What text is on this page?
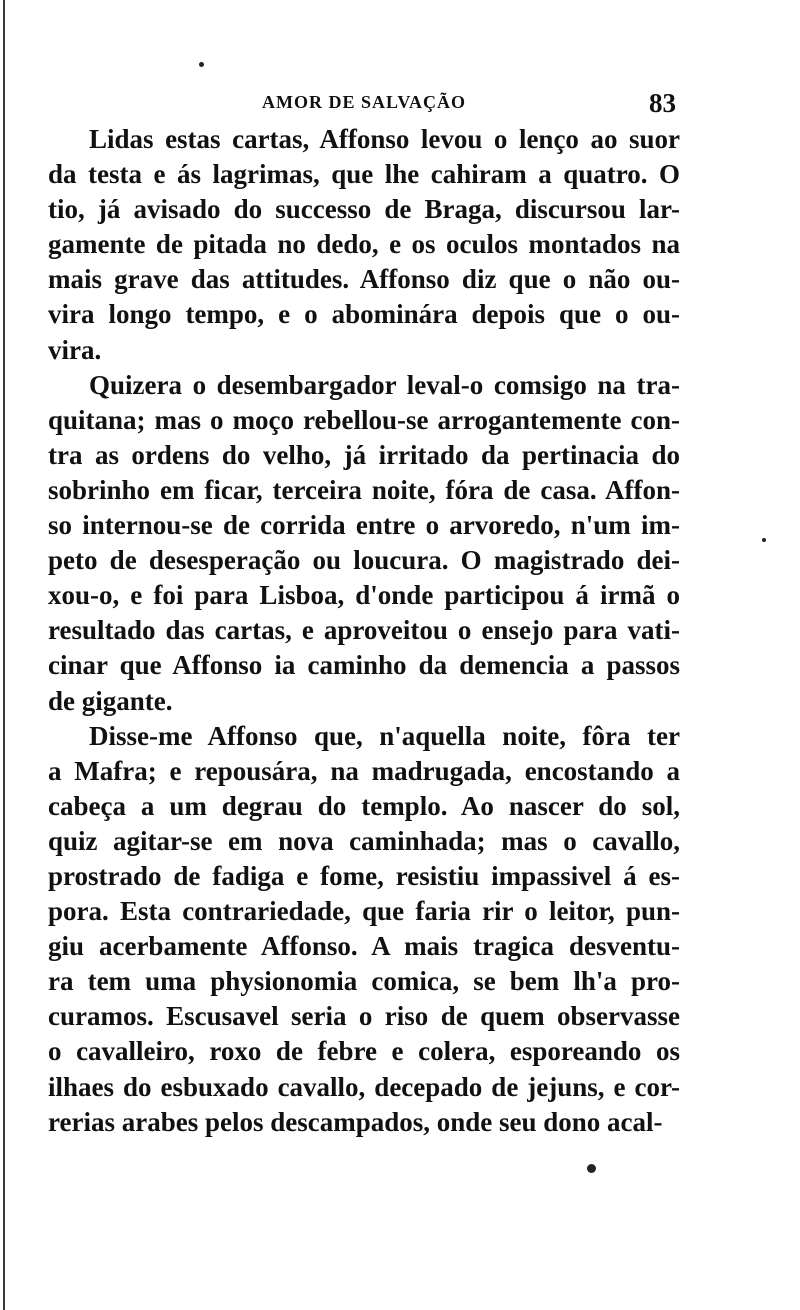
AMOR DE SALVAÇÃO	83
Lidas estas cartas, Affonso levou o lenço ao suor
da testa e ás lagrimas, que lhe cahiram a quatro. O
tio, já avisado do successo de Braga, discursou lar-
gamente de pitada no dedo, e os oculos montados na
mais grave das attitudes. Affonso diz que o não ou-
vira longo tempo, e o abominára depois que o ou-
vira.
Quizera o desembargador leval-o comsigo na tra-
quitana; mas o moço rebellou-se arrogantemente con-
tra as ordens do velho, já irritado da pertinacia do
sobrinho em ficar, terceira noite, fóra de casa. Affon-
so internou-se de corrida entre o arvoredo, n'um im-
peto de desesperação ou loucura. O magistrado dei-
xou-o, e foi para Lisboa, d'onde participou á irmã o
resultado das cartas, e aproveitou o ensejo para vati-
cinar que Affonso ia caminho da demencia a passos
de gigante.
Disse-me Affonso que, n'aquella noite, fôra ter
a Mafra; e repousára, na madrugada, encostando a
cabeça a um degrau do templo. Ao nascer do sol,
quiz agitar-se em nova caminhada; mas o cavallo,
prostrado de fadiga e fome, resistiu impassivel á es-
pora. Esta contrariedade, que faria rir o leitor, pun-
giu acerbamente Affonso. A mais tragica desventu-
ra tem uma physionomia comica, se bem lh'a pro-
curamos. Escusavel seria o riso de quem observasse
o cavalleiro, roxo de febre e colera, esporeando os
ilhaes do esbuxado cavallo, decepado de jejuns, e cor-
rerias arabes pelos descampados, onde seu dono acal-
